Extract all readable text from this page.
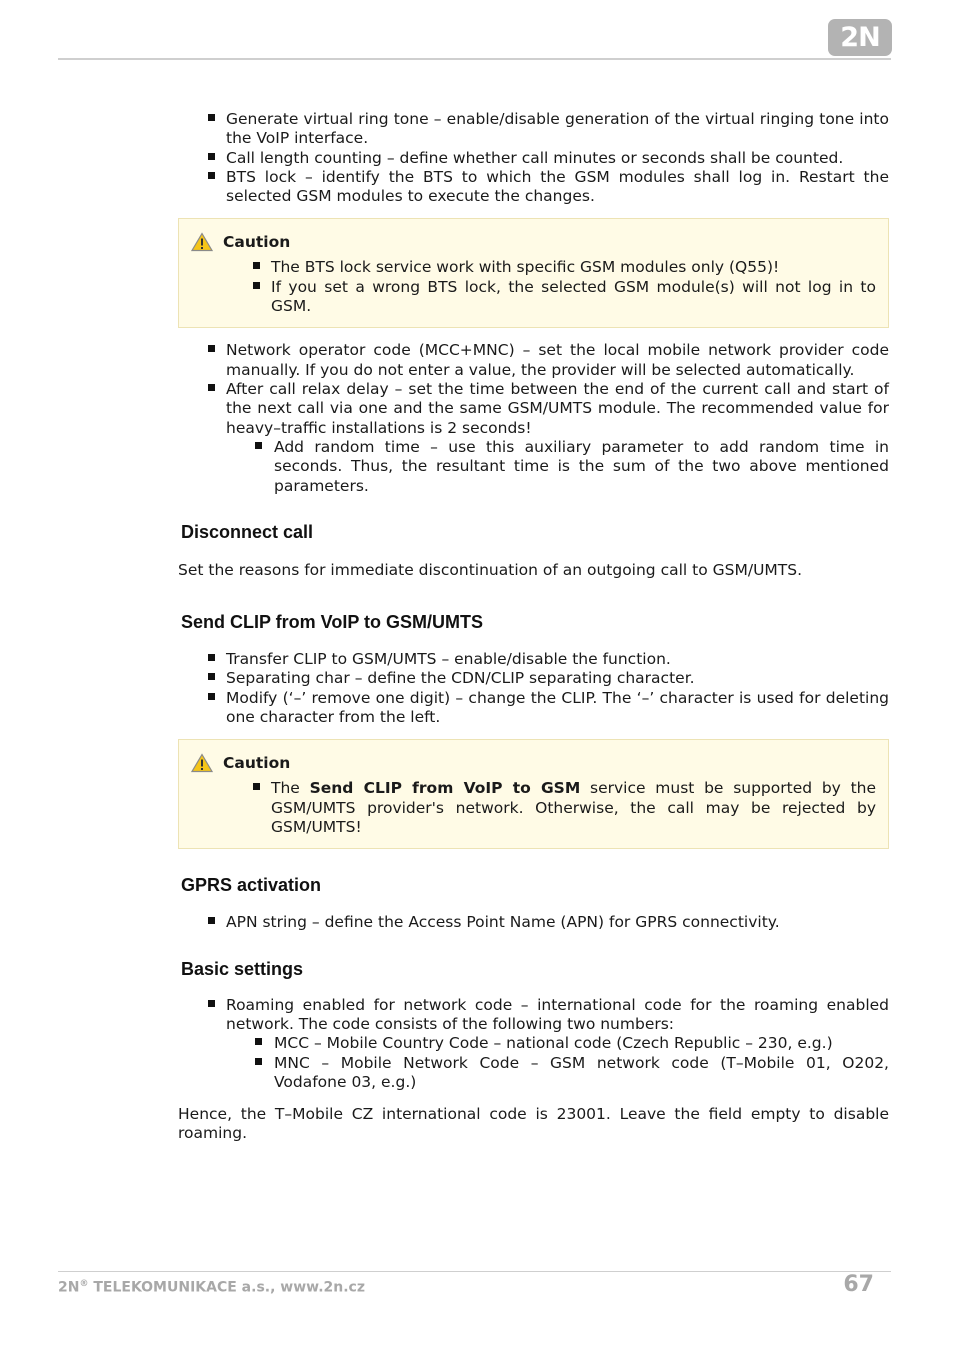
2N
Generate virtual ring tone – enable/disable generation of the virtual ringing tone into the VoIP interface.
Call length counting – define whether call minutes or seconds shall be counted.
BTS lock – identify the BTS to which the GSM modules shall log in. Restart the selected GSM modules to execute the changes.
Caution
The BTS lock service work with specific GSM modules only (Q55)!
If you set a wrong BTS lock, the selected GSM module(s) will not log in to GSM.
Network operator code (MCC+MNC) – set the local mobile network provider code manually. If you do not enter a value, the provider will be selected automatically.
After call relax delay – set the time between the end of the current call and start of the next call via one and the same GSM/UMTS module. The recommended value for heavy–traffic installations is 2 seconds!
Add random time – use this auxiliary parameter to add random time in seconds. Thus, the resultant time is the sum of the two above mentioned parameters.
Disconnect call

Set the reasons for immediate discontinuation of an outgoing call to GSM/UMTS.

Send CLIP from VoIP to GSM/UMTS
Transfer CLIP to GSM/UMTS – enable/disable the function.
Separating char – define the CDN/CLIP separating character.
Modify (‘–’ remove one digit) – change the CLIP. The ‘–’ character is used for deleting one character from the left.
Caution
The Send CLIP from VoIP to GSM service must be supported by the GSM/UMTS provider's network. Otherwise, the call may be rejected by GSM/UMTS!
GPRS activation
APN string – define the Access Point Name (APN) for GPRS connectivity.
Basic settings
Roaming enabled for network code – international code for the roaming enabled network. The code consists of the following two numbers:
MCC – Mobile Country Code – national code (Czech Republic – 230, e.g.)
MNC – Mobile Network Code – GSM network code (T–Mobile 01, O202, Vodafone 03, e.g.)

Hence, the T–Mobile CZ international code is 23001. Leave the field empty to disable roaming.

2N® TELEKOMUNIKACE a.s., www.2n.cz	67
